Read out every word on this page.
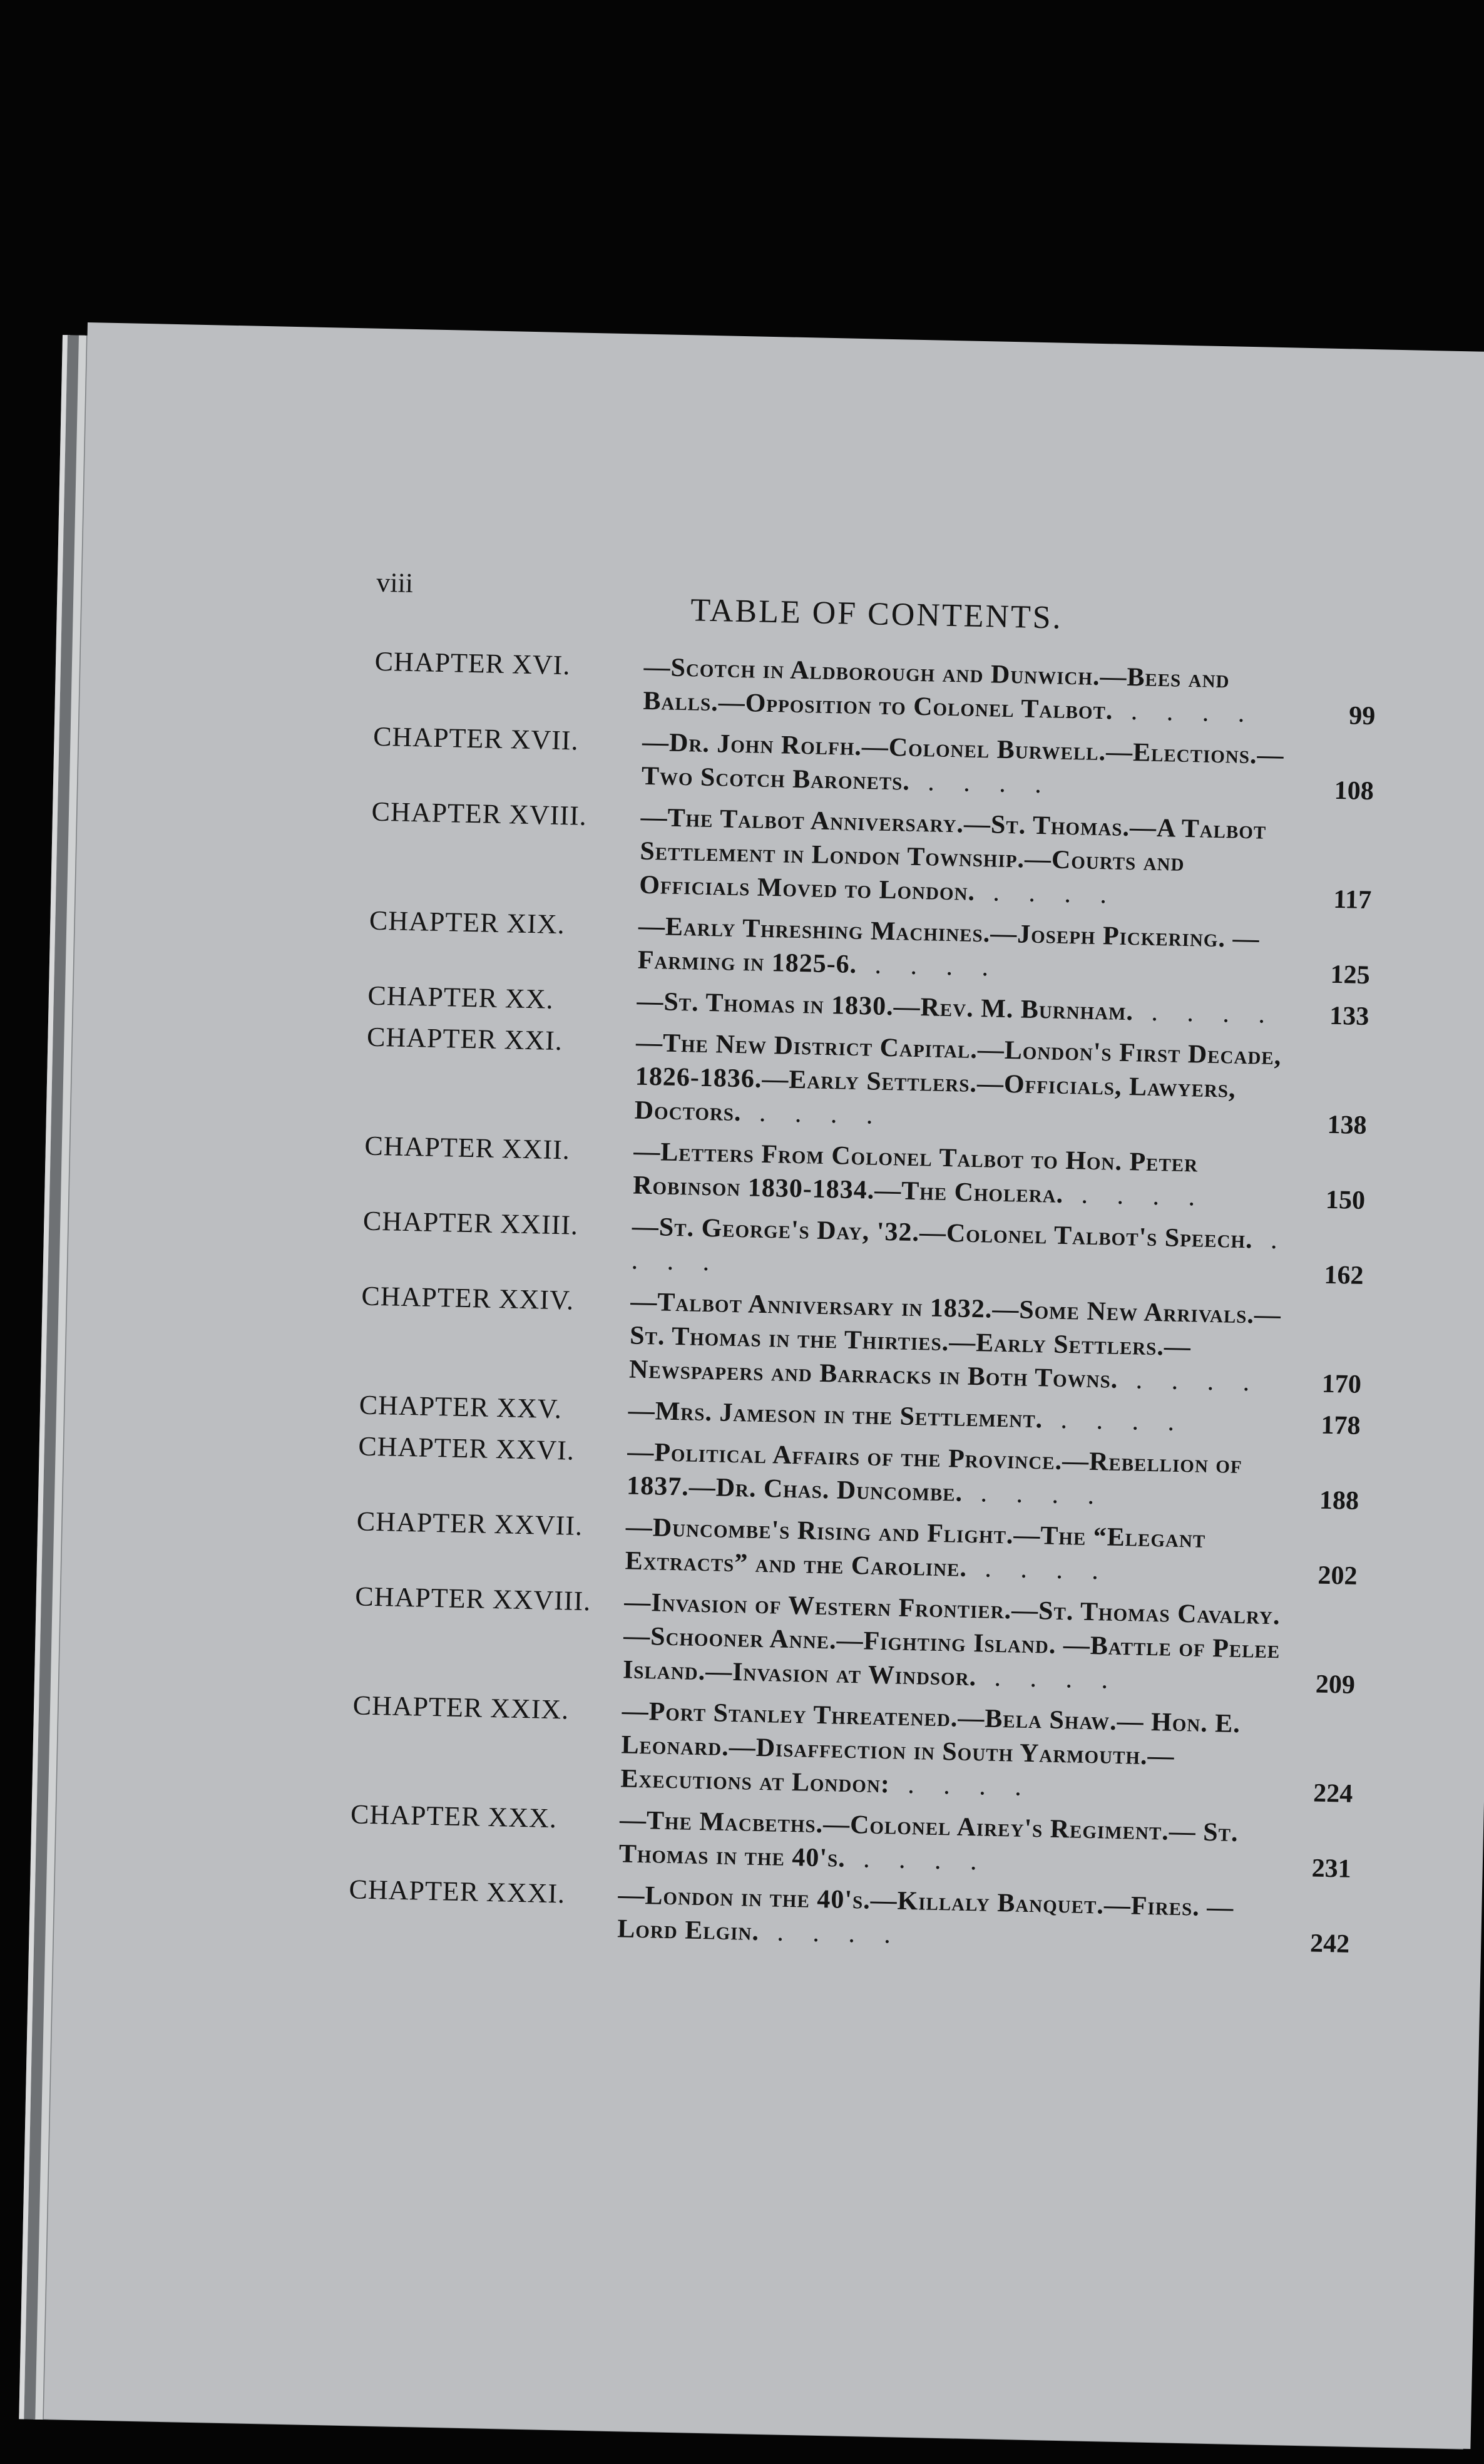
viii
TABLE OF CONTENTS.
CHAPTER XVI.	—Scotch in Aldborough and Dunwich.—Bees and Balls.—Opposition to Colonel Talbot. . . . .	99
CHAPTER XVII.	—Dr. John Rolfh.—Colonel Burwell.—Elections.—Two Scotch Baronets. . . . .	108
CHAPTER XVIII.	—The Talbot Anniversary.—St. Thomas.—A Talbot Settlement in London Township.—Courts and Officials Moved to London. . . . .	117
CHAPTER XIX.	—Early Threshing Machines.—Joseph Pickering. —Farming in 1825-6. . . . .	125
CHAPTER XX.	—St. Thomas in 1830.—Rev. M. Burnham. . . . .	133
CHAPTER XXI.	—The New District Capital.—London's First Decade, 1826-1836.—Early Settlers.—Officials, Lawyers, Doctors. . . . .	138
CHAPTER XXII.	—Letters From Colonel Talbot to Hon. Peter Robinson 1830-1834.—The Cholera. . . . .	150
CHAPTER XXIII.	—St. George's Day, '32.—Colonel Talbot's Speech. . . . .	162
CHAPTER XXIV.	—Talbot Anniversary in 1832.—Some New Arrivals.—St. Thomas in the Thirties.—Early Settlers.—Newspapers and Barracks in Both Towns. . . . .	170
CHAPTER XXV.	—Mrs. Jameson in the Settlement. . . . .	178
CHAPTER XXVI.	—Political Affairs of the Province.—Rebellion of 1837.—Dr. Chas. Duncombe. . . . .	188
CHAPTER XXVII.	—Duncombe's Rising and Flight.—The “Elegant Extracts” and the Caroline. . . . .	202
CHAPTER XXVIII.	—Invasion of Western Frontier.—St. Thomas Cavalry.—Schooner Anne.—Fighting Island. —Battle of Pelee Island.—Invasion at Windsor. . . . .	209
CHAPTER XXIX.	—Port Stanley Threatened.—Bela Shaw.— Hon. E. Leonard.—Disaffection in South Yarmouth.—Executions at London: . . . .	224
CHAPTER XXX.	—The Macbeths.—Colonel Airey's Regiment.— St. Thomas in the 40's. . . . .	231
CHAPTER XXXI.	—London in the 40's.—Killaly Banquet.—Fires. —Lord Elgin. . . . .	242
